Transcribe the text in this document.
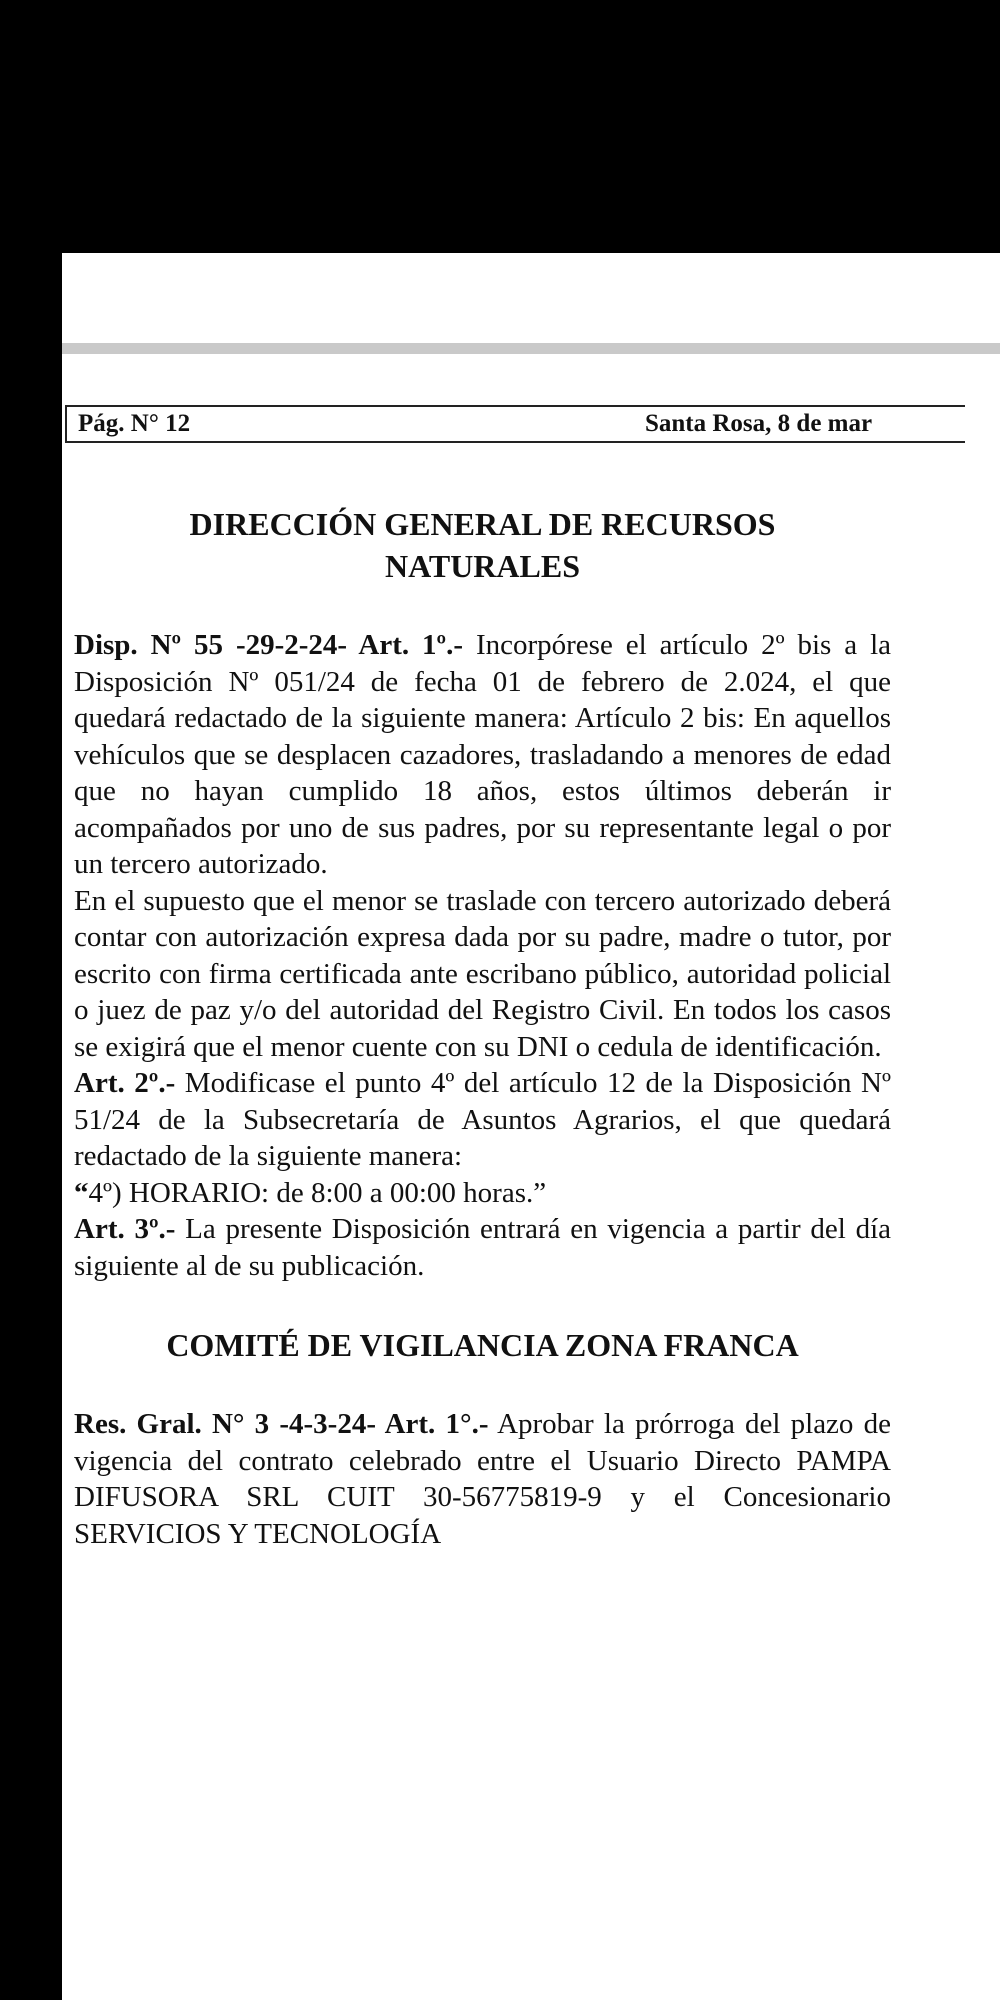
Pág. N° 12	Santa Rosa, 8 de mar
DIRECCIÓN GENERAL DE RECURSOS
NATURALES

Disp. Nº 55 -29-2-24- Art. 1º.- Incorpórese el artículo 2º bis a la Disposición Nº 051/24 de fecha 01 de febrero de 2.024, el que quedará redactado de la siguiente manera: Artículo 2 bis: En aquellos vehículos que se desplacen cazadores, trasladando a menores de edad que no hayan cumplido 18 años, estos últimos deberán ir acompañados por uno de sus padres, por su representante legal o por un tercero autorizado.

En el supuesto que el menor se traslade con tercero autorizado deberá contar con autorización expresa dada por su padre, madre o tutor, por escrito con firma certificada ante escribano público, autoridad policial o juez de paz y/o del autoridad del Registro Civil. En todos los casos se exigirá que el menor cuente con su DNI o cedula de identificación.

Art. 2º.- Modificase el punto 4º del artículo 12 de la Disposición Nº 51/24 de la Subsecretaría de Asuntos Agrarios, el que quedará redactado de la siguiente manera:
“4º) HORARIO: de 8:00 a 00:00 horas.”

Art. 3º.- La presente Disposición entrará en vigencia a partir del día siguiente al de su publicación.

COMITÉ DE VIGILANCIA ZONA FRANCA

Res. Gral. N° 3 -4-3-24- Art. 1°.- Aprobar la prórroga del plazo de vigencia del contrato celebrado entre el Usuario Directo PAMPA DIFUSORA SRL CUIT 30-56775819-9 y el Concesionario SERVICIOS Y TECNOLOGÍA
